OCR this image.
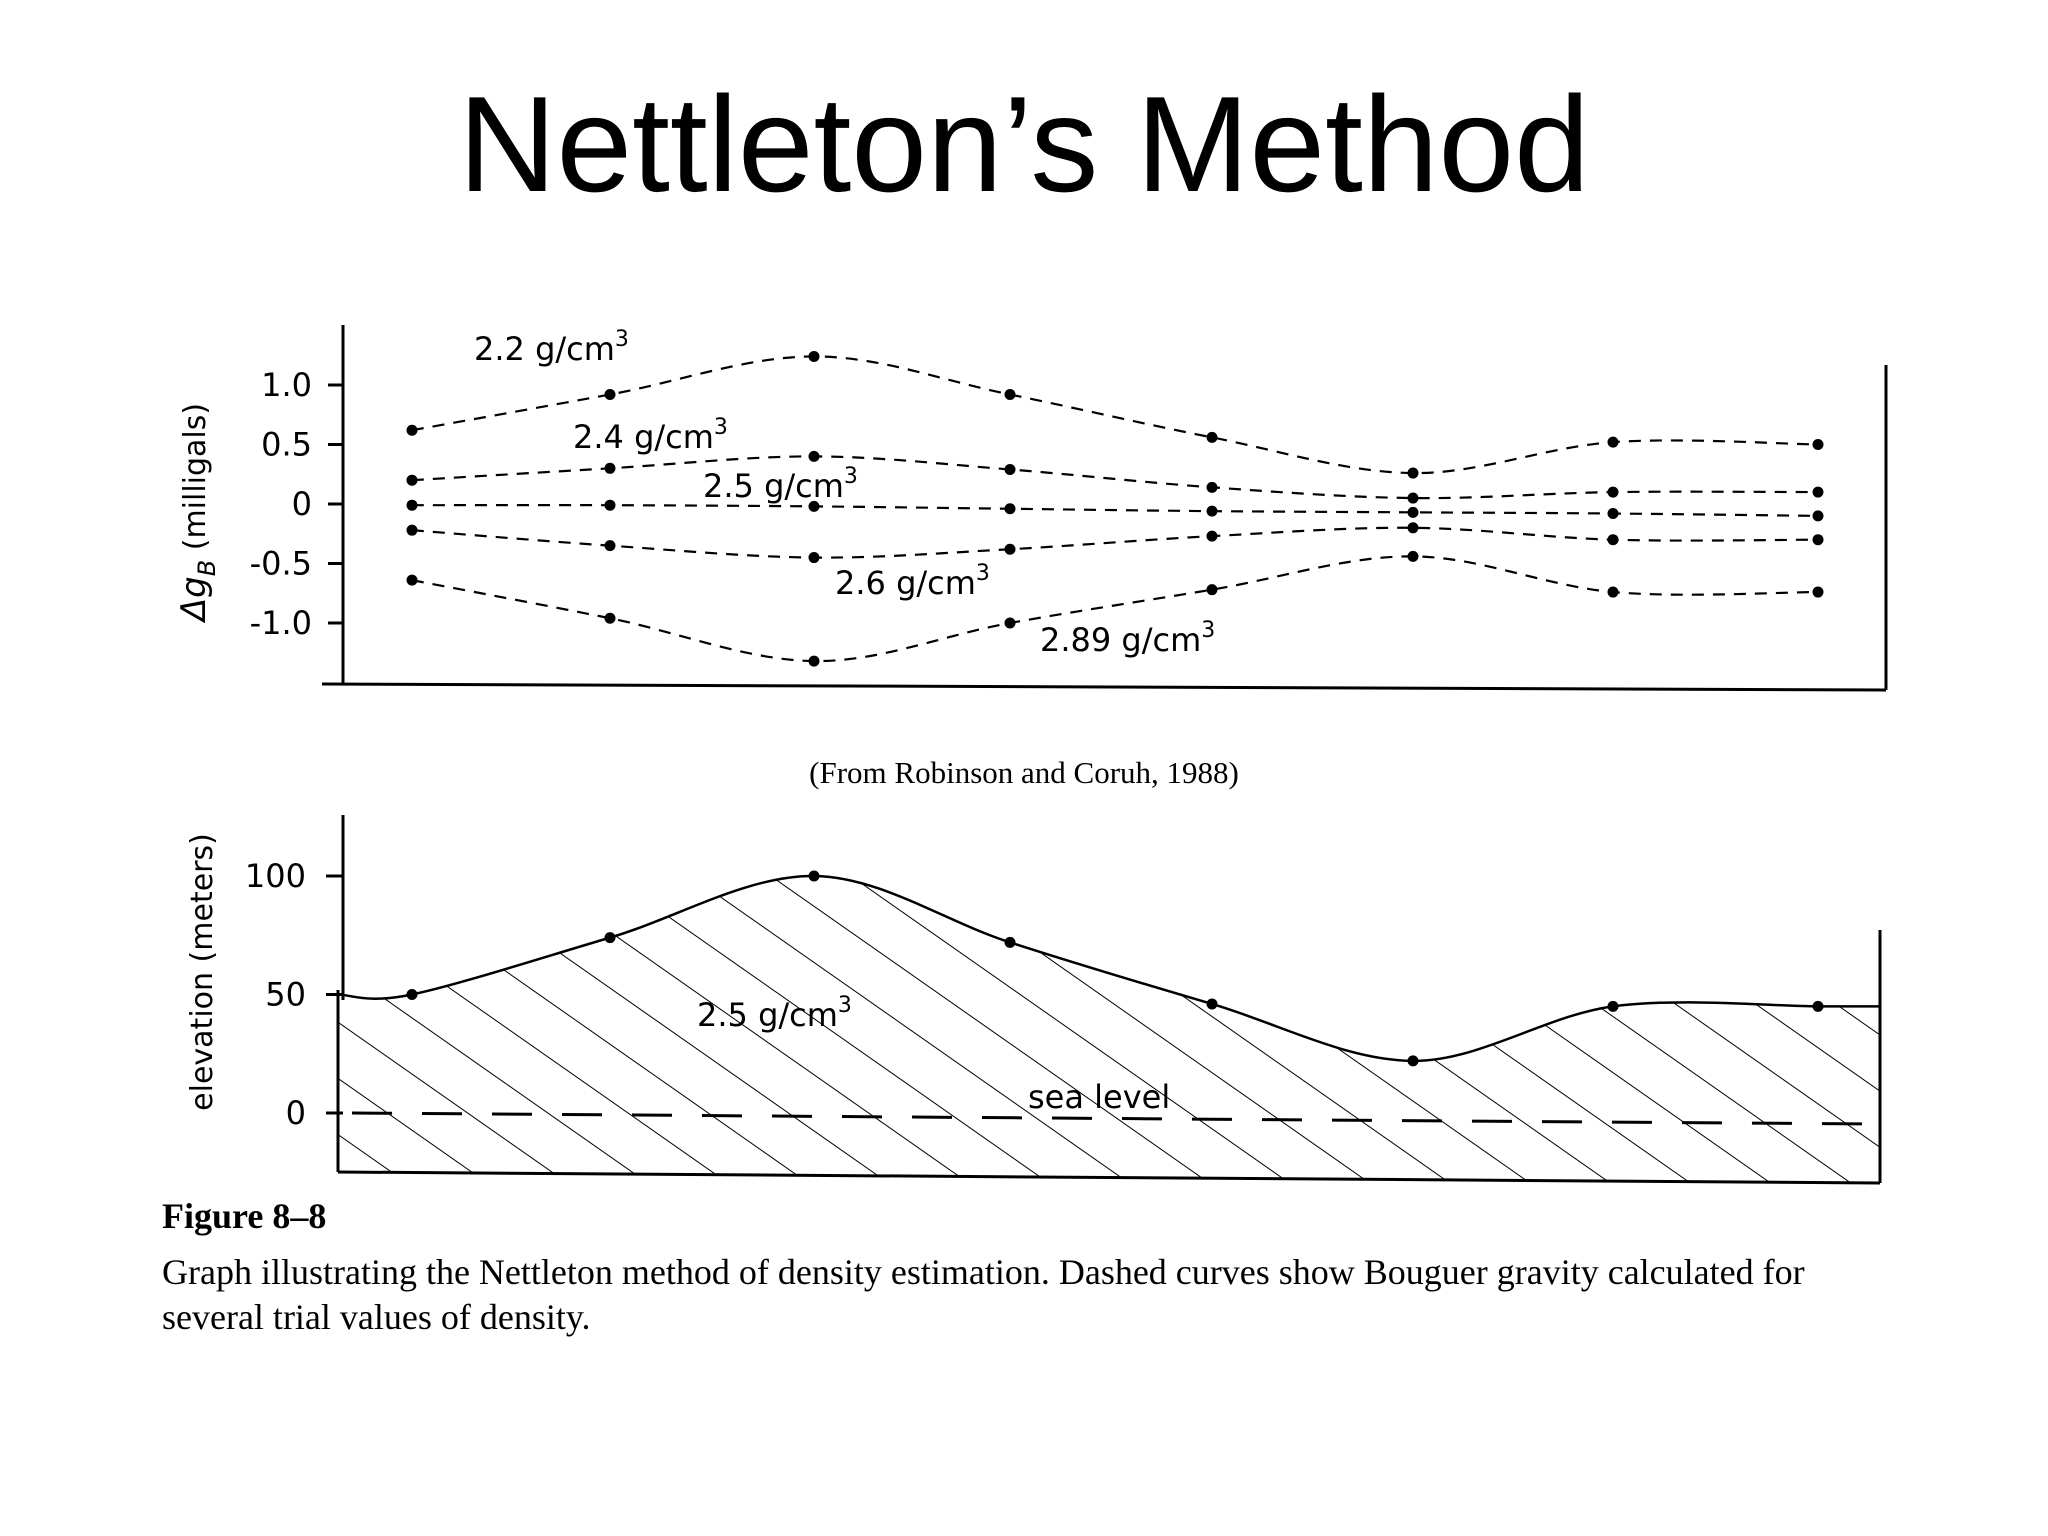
Nettleton’s Method
1.0
0.5
0
-0.5
-1.0
$\Delta g_B$ (milligals)
2.2 $g/cm^3$
2.4 $g/cm^3$
2.5 $g/cm^3$
2.6 $g/cm^3$
2.89 $g/cm^3$
sea level
2.5 $g/cm^3$
100
50
0
elevation (meters)
(From Robinson and Coruh, 1988)
Figure 8–8
Graph illustrating the Nettleton method of density estimation. Dashed curves show Bouguer gravity calculated for several trial values of density.
